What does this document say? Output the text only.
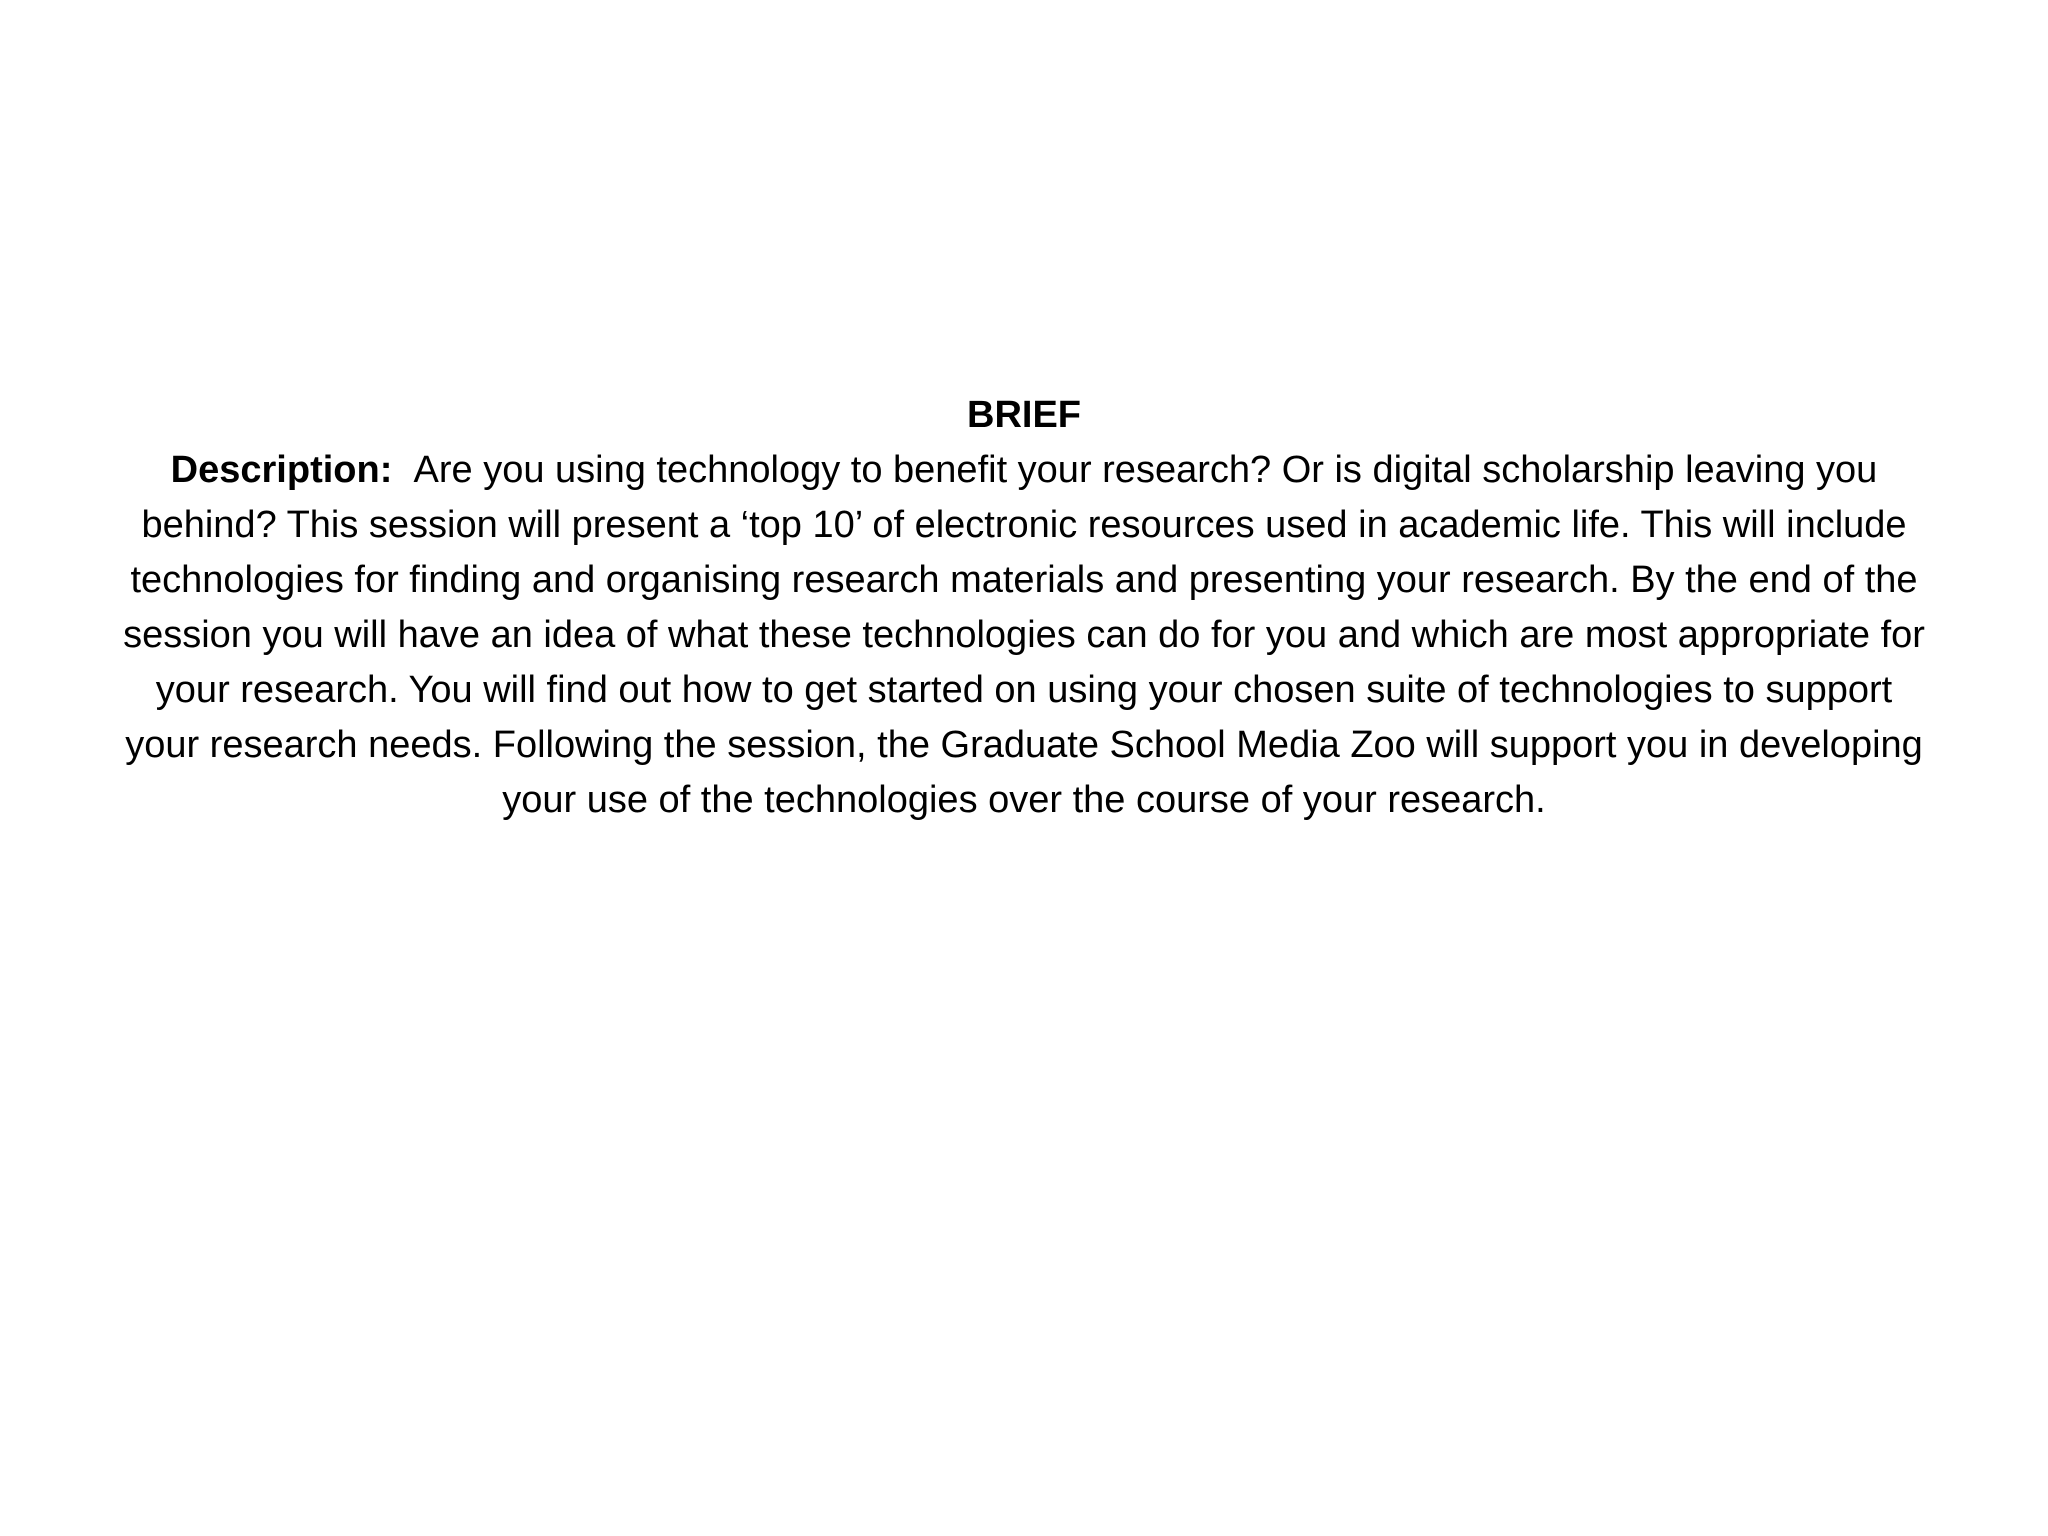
BRIEF

Description: Are you using technology to benefit your research? Or is digital scholarship leaving you behind? This session will present a ‘top 10’ of electronic resources used in academic life. This will include technologies for finding and organising research materials and presenting your research. By the end of the session you will have an idea of what these technologies can do for you and which are most appropriate for your research. You will find out how to get started on using your chosen suite of technologies to support your research needs. Following the session, the Graduate School Media Zoo will support you in developing your use of the technologies over the course of your research.
